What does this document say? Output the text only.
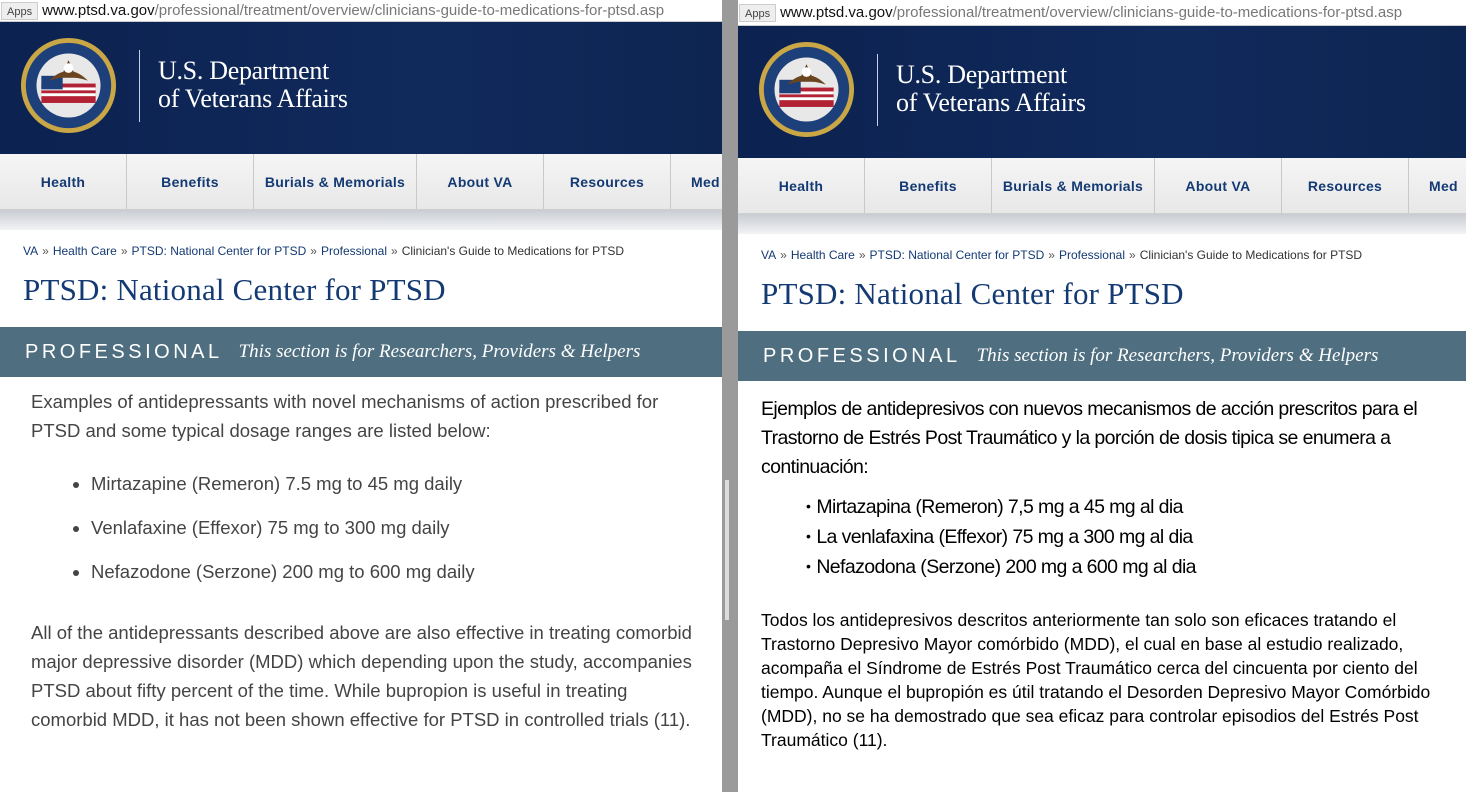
Apps www.ptsd.va.gov/professional/treatment/overview/clinicians-guide-to-medications-for-ptsd.asp
U.S. Department
of Veterans Affairs
Health	Benefits	Burials & Memorials	About VA	Resources	Med
VA » Health Care » PTSD: National Center for PTSD » Professional » Clinician's Guide to Medications for PTSD
PTSD: National Center for PTSD
PROFESSIONAL This section is for Researchers, Providers & Helpers

Examples of antidepressants with novel mechanisms of action prescribed for PTSD and some typical dosage ranges are listed below:

• Mirtazapine (Remeron) 7.5 mg to 45 mg daily
• Venlafaxine (Effexor) 75 mg to 300 mg daily
• Nefazodone (Serzone) 200 mg to 600 mg daily

All of the antidepressants described above are also effective in treating comorbid major depressive disorder (MDD) which depending upon the study, accompanies PTSD about fifty percent of the time. While bupropion is useful in treating comorbid MDD, it has not been shown effective for PTSD in controlled trials (11).

Apps www.ptsd.va.gov/professional/treatment/overview/clinicians-guide-to-medications-for-ptsd.asp
U.S. Department
of Veterans Affairs
Health	Benefits	Burials & Memorials	About VA	Resources	Med
VA » Health Care » PTSD: National Center for PTSD » Professional » Clinician's Guide to Medications for PTSD
PTSD: National Center for PTSD
PROFESSIONAL This section is for Researchers, Providers & Helpers

Ejemplos de antidepresivos con nuevos mecanismos de acción prescritos para el Trastorno de Estrés Post Traumático y la porción de dosis tipica se enumera a continuación:

• Mirtazapina (Remeron) 7,5 mg a 45 mg al dia
• La venlafaxina (Effexor) 75 mg a 300 mg al dia
• Nefazodona (Serzone) 200 mg a 600 mg al dia

Todos los antidepresivos descritos anteriormente tan solo son eficaces tratando el Trastorno Depresivo Mayor comórbido (MDD), el cual en base al estudio realizado, acompaña el Síndrome de Estrés Post Traumático cerca del cincuenta por ciento del tiempo. Aunque el bupropión es útil tratando el Desorden Depresivo Mayor Comórbido (MDD), no se ha demostrado que sea eficaz para controlar episodios del Estrés Post Traumático (11).
